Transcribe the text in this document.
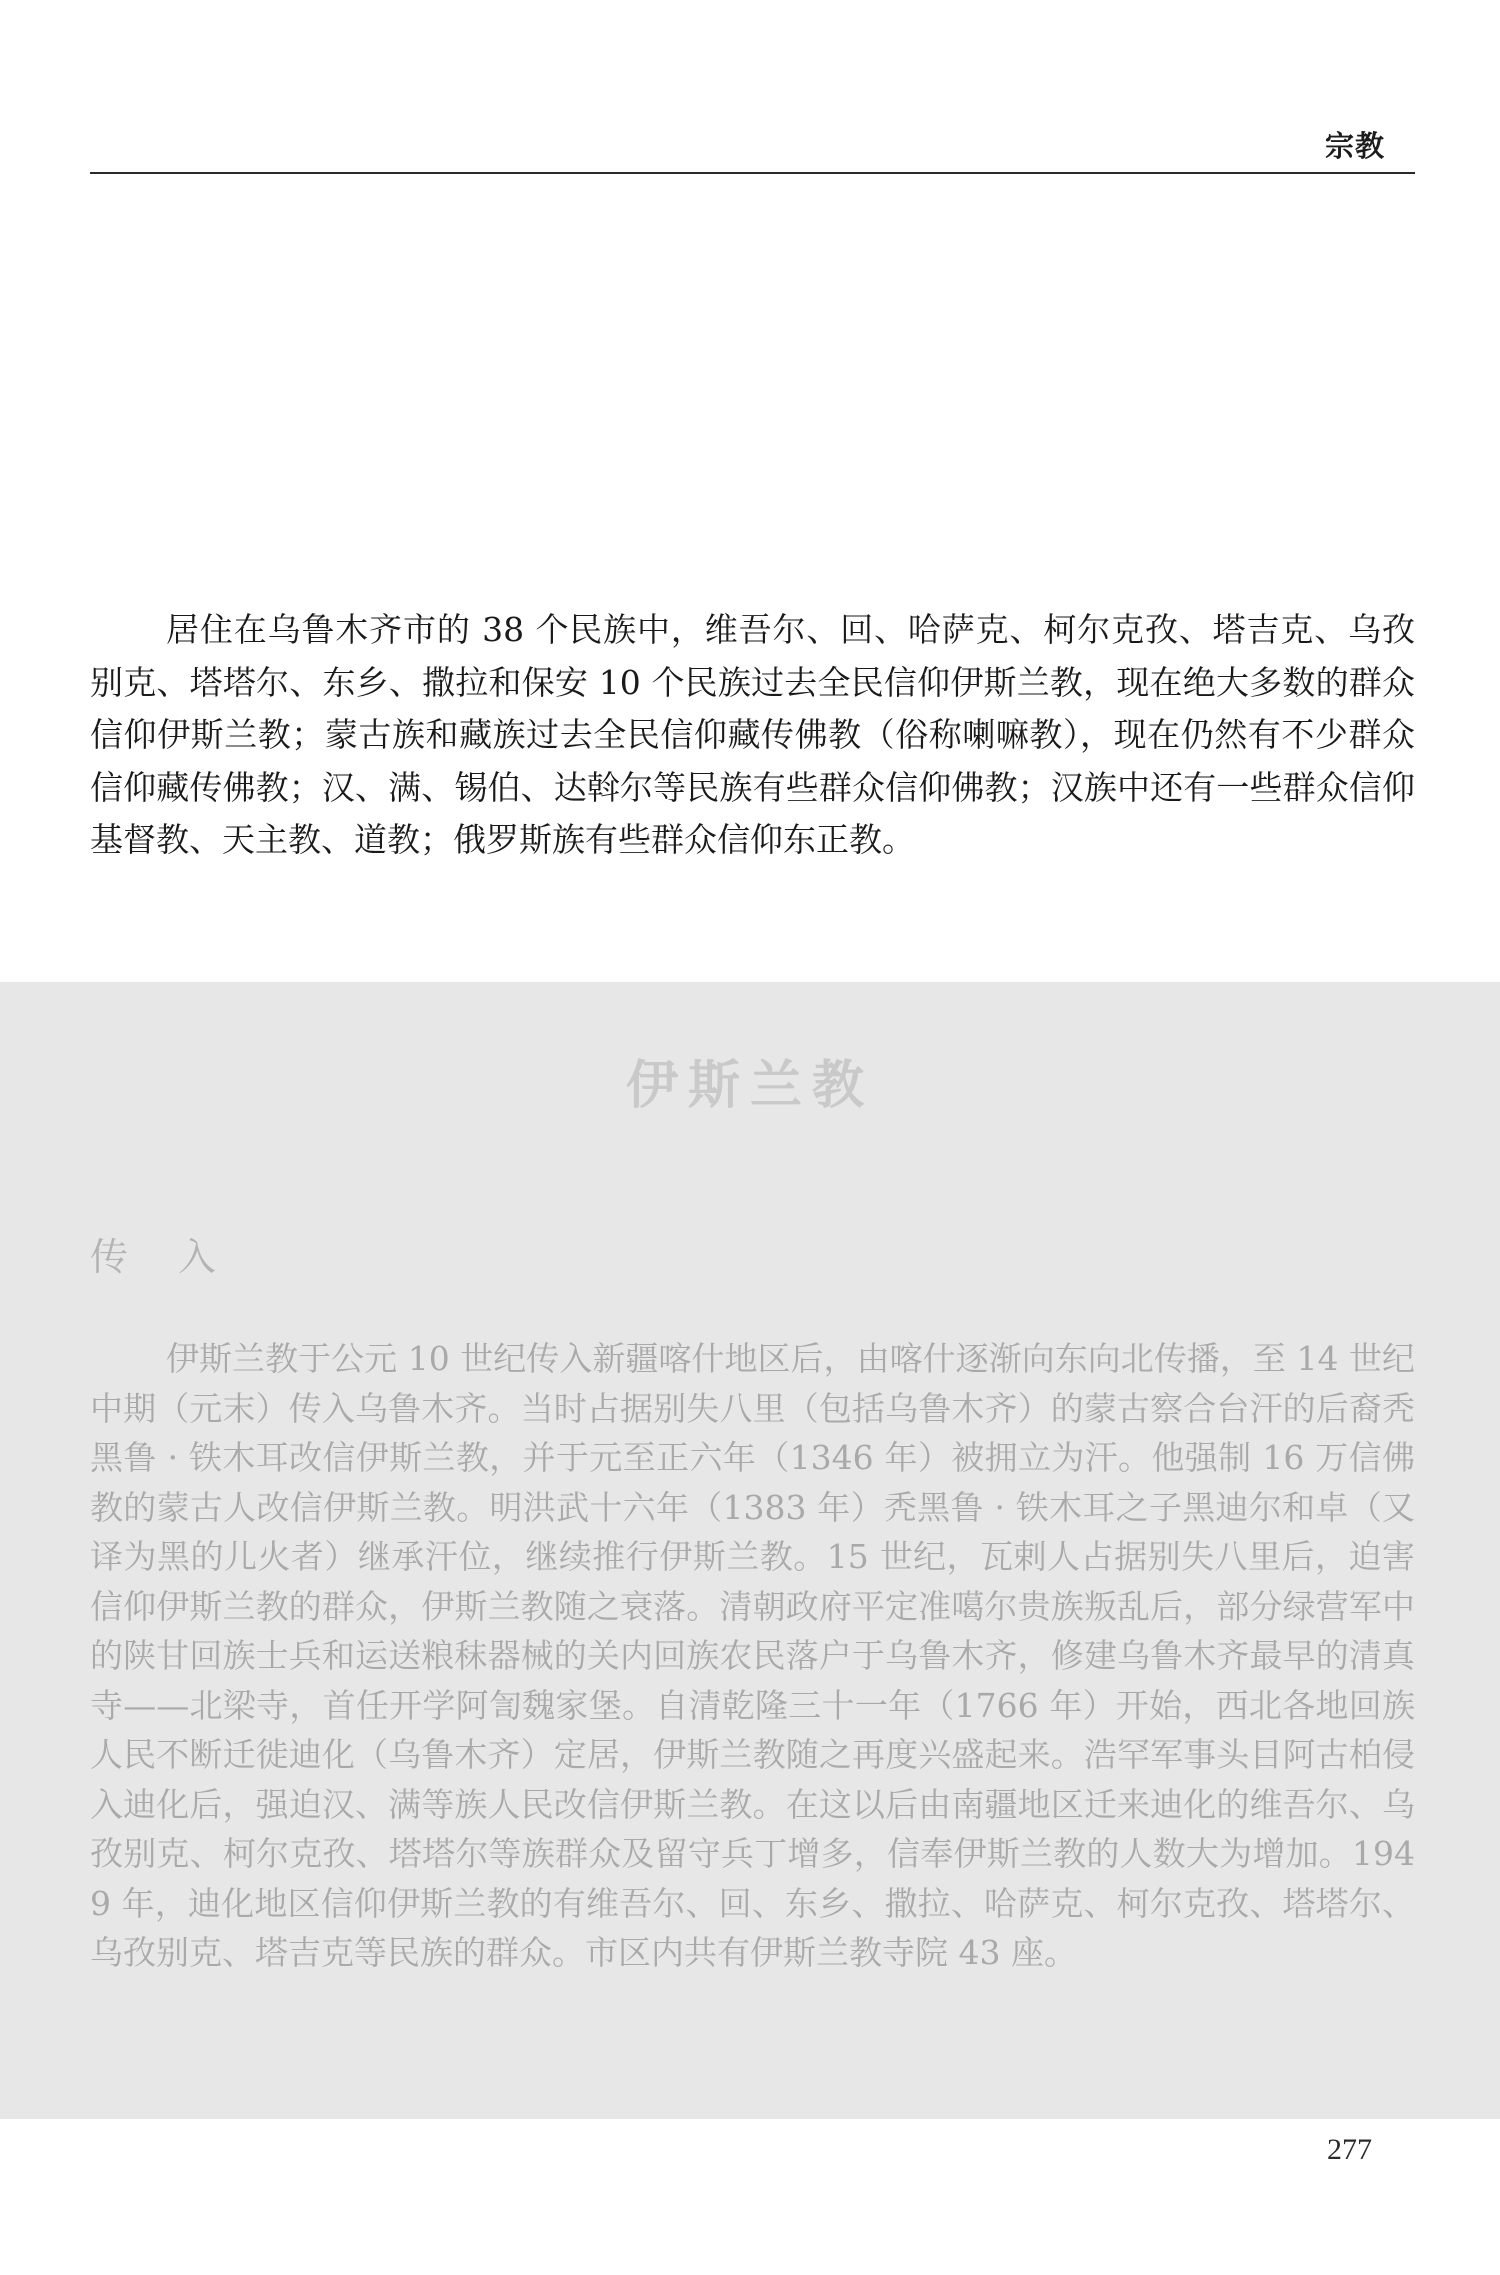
宗教

居住在乌鲁木齐市的 38 个民族中，维吾尔、回、哈萨克、柯尔克孜、塔吉克、乌孜别克、塔塔尔、东乡、撒拉和保安 10 个民族过去全民信仰伊斯兰教，现在绝大多数的群众信仰伊斯兰教；蒙古族和藏族过去全民信仰藏传佛教（俗称喇嘛教），现在仍然有不少群众信仰藏传佛教；汉、满、锡伯、达斡尔等民族有些群众信仰佛教；汉族中还有一些群众信仰基督教、天主教、道教；俄罗斯族有些群众信仰东正教。

伊斯兰教
传入

伊斯兰教于公元 10 世纪传入新疆喀什地区后，由喀什逐渐向东向北传播，至 14 世纪中期（元末）传入乌鲁木齐。当时占据别失八里（包括乌鲁木齐）的蒙古察合台汗的后裔秃黑鲁 · 铁木耳改信伊斯兰教，并于元至正六年（1346 年）被拥立为汗。他强制 16 万信佛教的蒙古人改信伊斯兰教。明洪武十六年（1383 年）秃黑鲁 · 铁木耳之子黑迪尔和卓（又译为黑的儿火者）继承汗位，继续推行伊斯兰教。15 世纪，瓦剌人占据别失八里后，迫害信仰伊斯兰教的群众，伊斯兰教随之衰落。清朝政府平定准噶尔贵族叛乱后，部分绿营军中的陕甘回族士兵和运送粮秣器械的关内回族农民落户于乌鲁木齐，修建乌鲁木齐最早的清真寺——北梁寺，首任开学阿訇魏家堡。自清乾隆三十一年（1766 年）开始，西北各地回族人民不断迁徙迪化（乌鲁木齐）定居，伊斯兰教随之再度兴盛起来。浩罕军事头目阿古柏侵入迪化后，强迫汉、满等族人民改信伊斯兰教。在这以后由南疆地区迁来迪化的维吾尔、乌孜别克、柯尔克孜、塔塔尔等族群众及留守兵丁增多，信奉伊斯兰教的人数大为增加。1949 年，迪化地区信仰伊斯兰教的有维吾尔、回、东乡、撒拉、哈萨克、柯尔克孜、塔塔尔、乌孜别克、塔吉克等民族的群众。市区内共有伊斯兰教寺院 43 座。

277
